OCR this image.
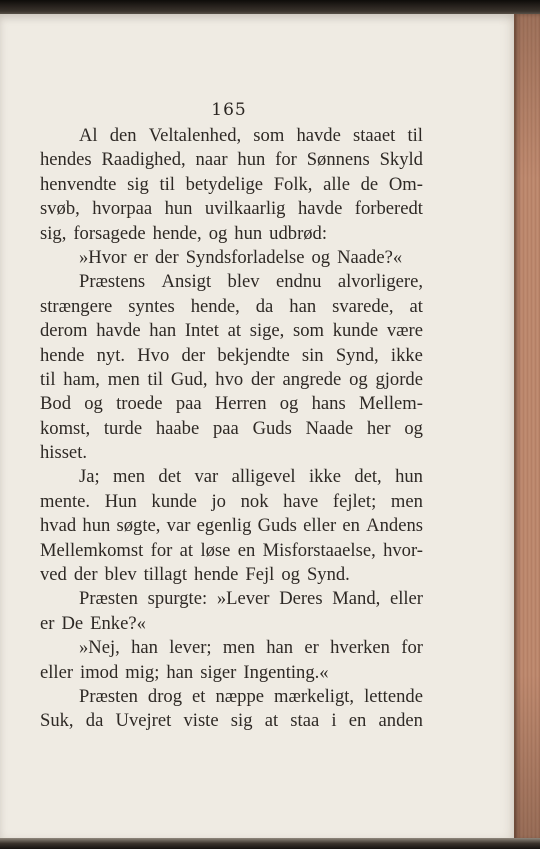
165

Al den Veltalenhed, som havde staaet til
hendes Raadighed, naar hun for Sønnens Skyld
henvendte sig til betydelige Folk, alle de Om-
svøb, hvorpaa hun uvilkaarlig havde forberedt
sig, forsagede hende, og hun udbrød:
»Hvor er der Syndsforladelse og Naade?«
Præstens Ansigt blev endnu alvorligere,
strængere syntes hende, da han svarede, at
derom havde han Intet at sige, som kunde være
hende nyt. Hvo der bekjendte sin Synd, ikke
til ham, men til Gud, hvo der angrede og gjorde
Bod og troede paa Herren og hans Mellem-
komst, turde haabe paa Guds Naade her og
hisset.
Ja; men det var alligevel ikke det, hun
mente. Hun kunde jo nok have fejlet; men
hvad hun søgte, var egenlig Guds eller en Andens
Mellemkomst for at løse en Misforstaaelse, hvor-
ved der blev tillagt hende Fejl og Synd.
Præsten spurgte: »Lever Deres Mand, eller
er De Enke?«
»Nej, han lever; men han er hverken for
eller imod mig; han siger Ingenting.«
Præsten drog et næppe mærkeligt, lettende
Suk, da Uvejret viste sig at staa i en anden
